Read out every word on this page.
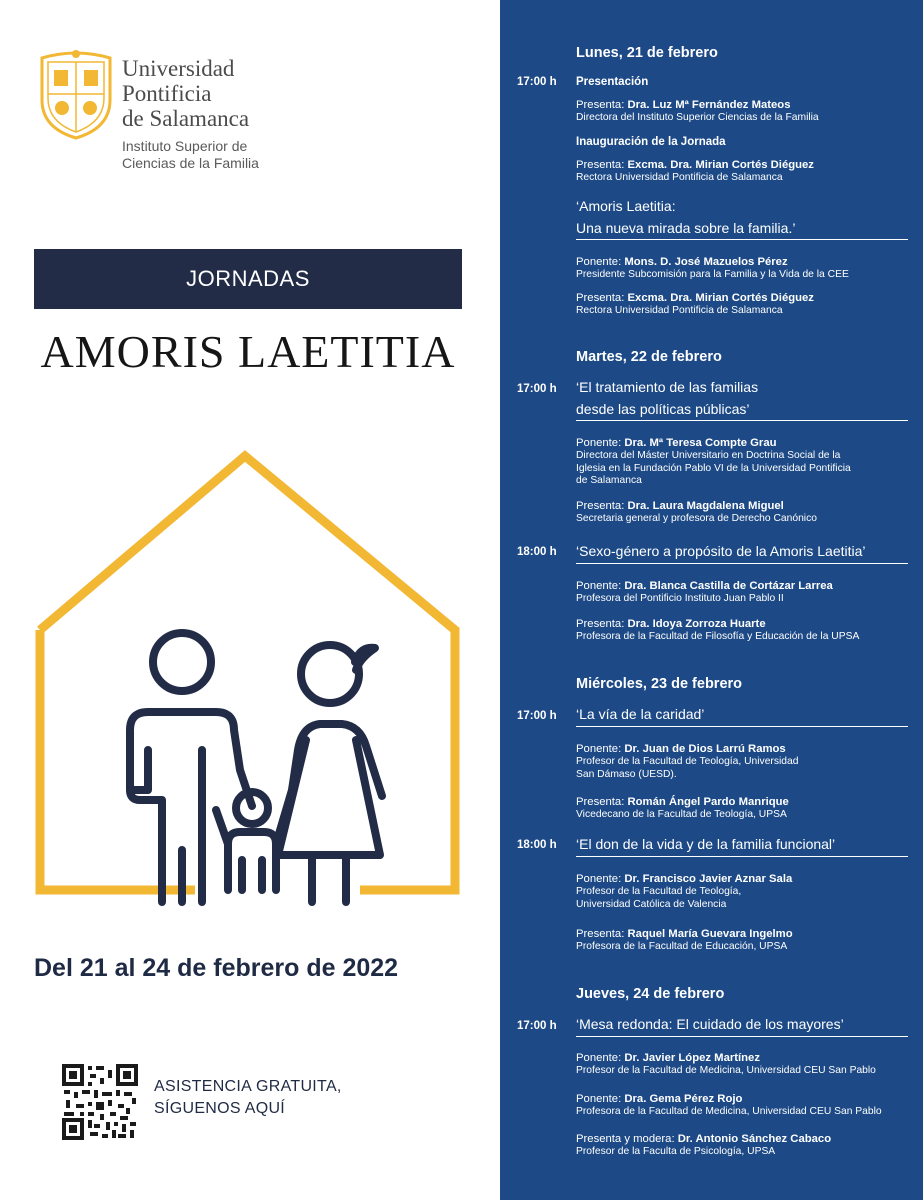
Universidad
Pontificia
de Salamanca
Instituto Superior de
Ciencias de la Familia
JORNADAS
AMORIS LAETITIA
Del 21 al 24 de febrero de 2022
ASISTENCIA GRATUITA,
SÍGUENOS AQUÍ
Lunes, 21 de febrero
17:00 h Presentación
Presenta: Dra. Luz Mª Fernández Mateos
Directora del Instituto Superior Ciencias de la Familia
Inauguración de la Jornada
Presenta: Excma. Dra. Mirian Cortés Diéguez
Rectora Universidad Pontificia de Salamanca
‘Amoris Laetitia:
Una nueva mirada sobre la familia.’
Ponente: Mons. D. José Mazuelos Pérez
Presidente Subcomisión para la Familia y la Vida de la CEE
Presenta: Excma. Dra. Mirian Cortés Diéguez
Rectora Universidad Pontificia de Salamanca
Martes, 22 de febrero
17:00 h ‘El tratamiento de las familias
desde las políticas públicas’
Ponente: Dra. Mª Teresa Compte Grau
Directora del Máster Universitario en Doctrina Social de la
Iglesia en la Fundación Pablo VI de la Universidad Pontificia
de Salamanca
Presenta: Dra. Laura Magdalena Miguel
Secretaria general y profesora de Derecho Canónico
18:00 h ‘Sexo-género a propósito de la Amoris Laetitia’
Ponente: Dra. Blanca Castilla de Cortázar Larrea
Profesora del Pontificio Instituto Juan Pablo II
Presenta: Dra. Idoya Zorroza Huarte
Profesora de la Facultad de Filosofía y Educación de la UPSA
Miércoles, 23 de febrero
17:00 h ‘La vía de la caridad’
Ponente: Dr. Juan de Dios Larrú Ramos
Profesor de la Facultad de Teología, Universidad
San Dámaso (UESD).
Presenta: Román Ángel Pardo Manrique
Vicedecano de la Facultad de Teología, UPSA
18:00 h ‘El don de la vida y de la familia funcional’
Ponente: Dr. Francisco Javier Aznar Sala
Profesor de la Facultad de Teología,
Universidad Católica de Valencia
Presenta: Raquel María Guevara Ingelmo
Profesora de la Facultad de Educación, UPSA
Jueves, 24 de febrero
17:00 h ‘Mesa redonda: El cuidado de los mayores’
Ponente: Dr. Javier López Martínez
Profesor de la Facultad de Medicina, Universidad CEU San Pablo
Ponente: Dra. Gema Pérez Rojo
Profesora de la Facultad de Medicina, Universidad CEU San Pablo
Presenta y modera: Dr. Antonio Sánchez Cabaco
Profesor de la Faculta de Psicología, UPSA
